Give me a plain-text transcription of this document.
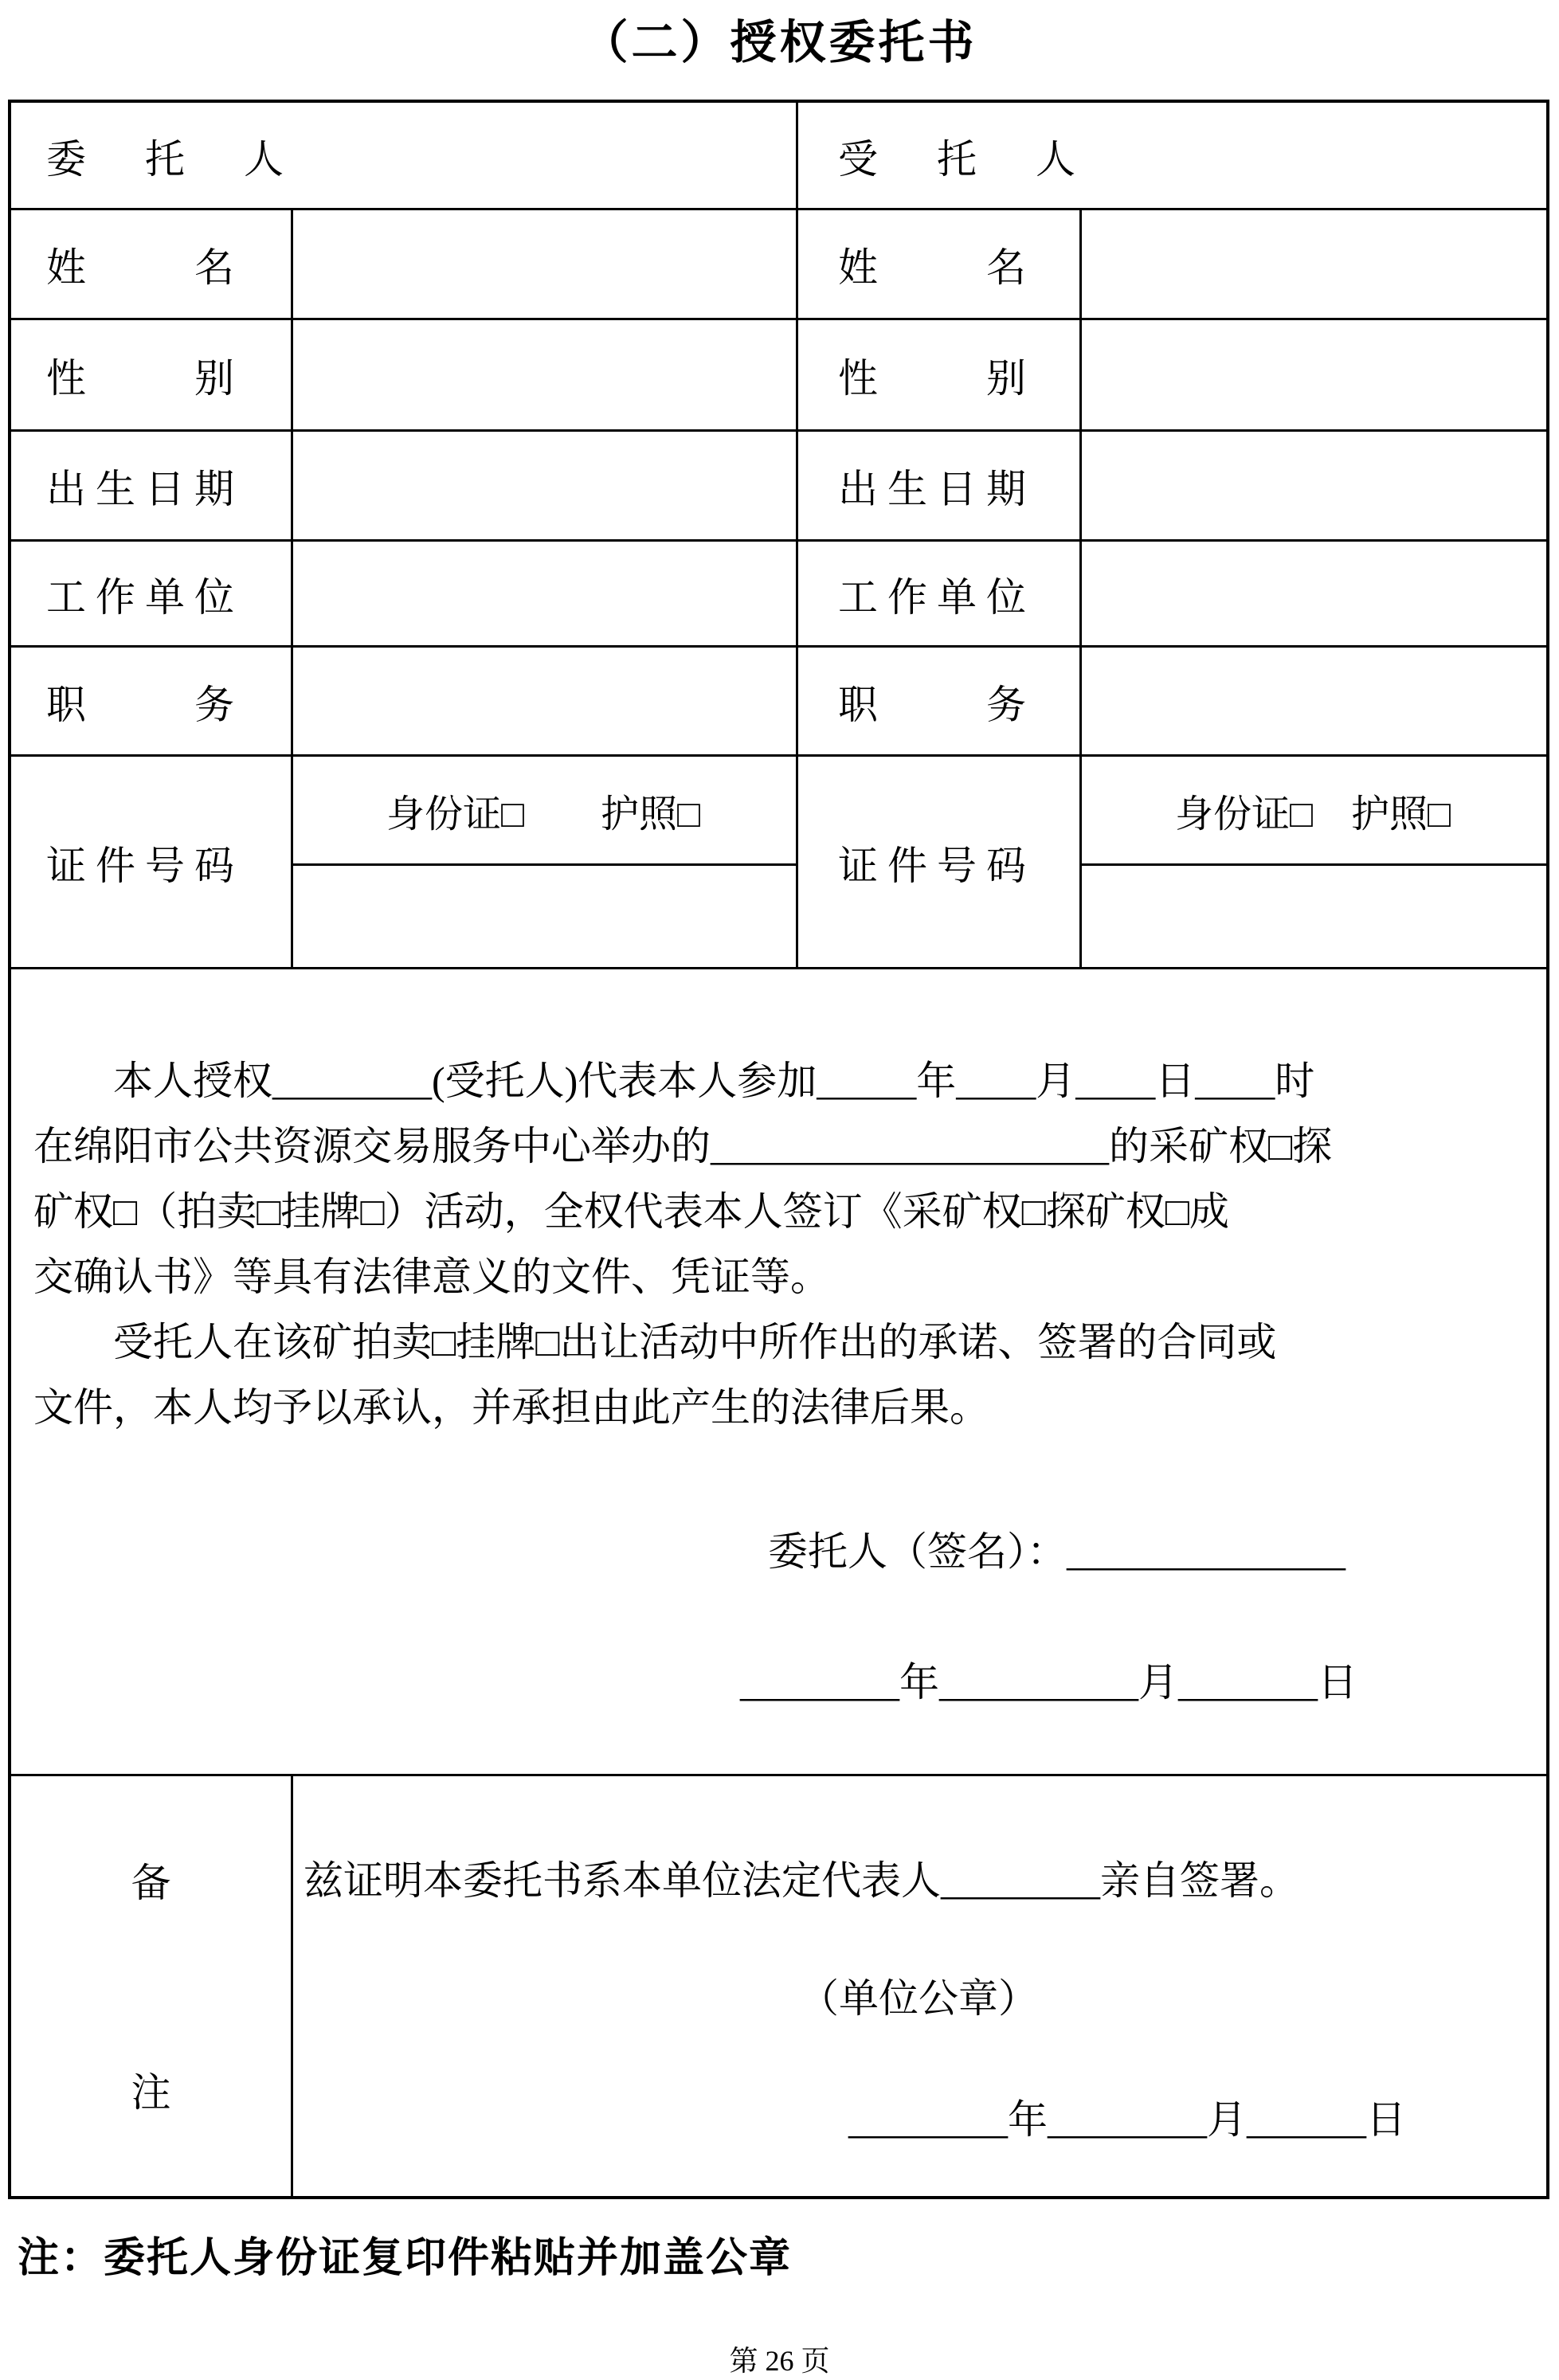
（二）授权委托书
委　托　人	受　托　人
姓　　名
性　　别
出生日期
工作单位
职　　务
证件号码
身份证□　　护照□
姓　　名
性　　别
出生日期
工作单位
职　　务
证件号码
身份证□　护照□
本人授权________(受托人)代表本人参加_____年____月____日____时
在绵阳市公共资源交易服务中心举办的____________________的采矿权□探
矿权□（拍卖□挂牌□）活动，全权代表本人签订《采矿权□探矿权□成
交确认书》等具有法律意义的文件、凭证等。
受托人在该矿拍卖□挂牌□出让活动中所作出的承诺、签署的合同或
文件，本人均予以承认，并承担由此产生的法律后果。
委托人（签名）：______________
________年__________月_______日
备
注
兹证明本委托书系本单位法定代表人________亲自签署。
（单位公章）
________年________月______日
注：委托人身份证复印件粘贴并加盖公章
第 26 页
